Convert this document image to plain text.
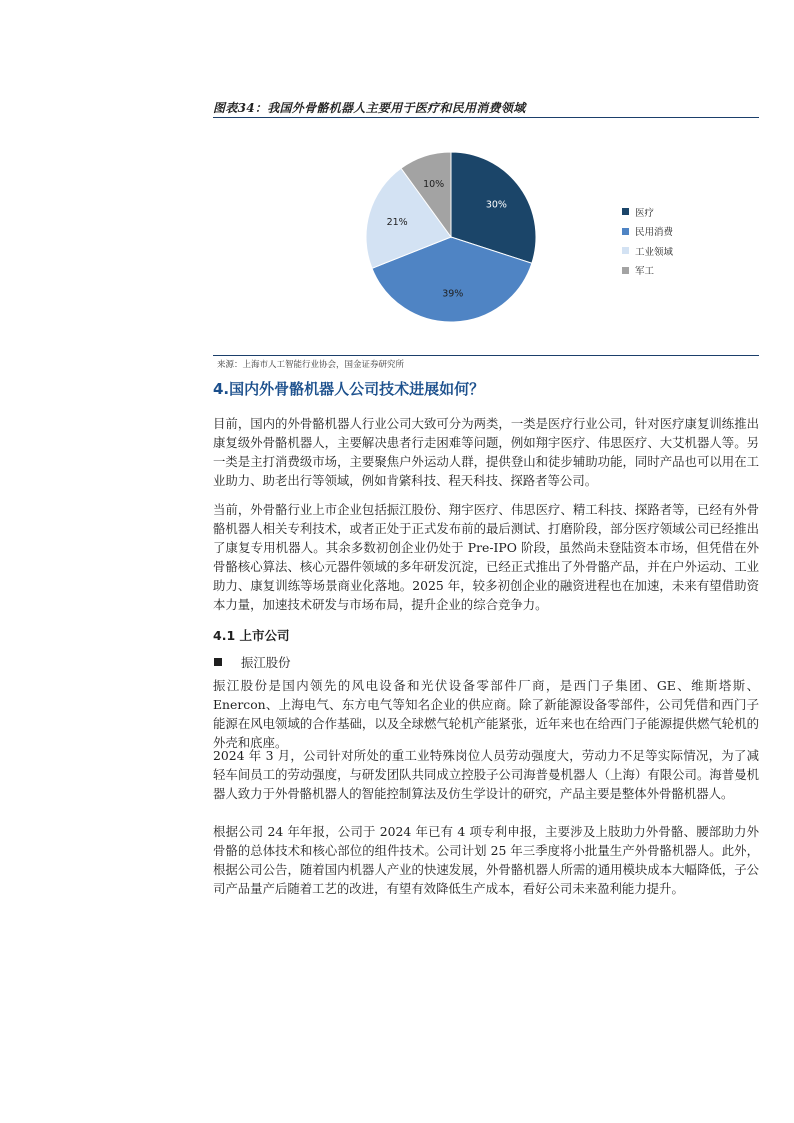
图表34：我国外骨骼机器人主要用于医疗和民用消费领域
30%
39%
21%
10%
医疗
民用消费
工业领域
军工
来源：上海市人工智能行业协会，国金证券研究所
4.国内外骨骼机器人公司技术进展如何？

目前，国内的外骨骼机器人行业公司大致可分为两类，一类是医疗行业公司，针对医疗康复训练推出康复级外骨骼机器人，主要解决患者行走困难等问题，例如翔宇医疗、伟思医疗、大艾机器人等。另一类是主打消费级市场，主要聚焦户外运动人群，提供登山和徒步辅助功能，同时产品也可以用在工业助力、助老出行等领域，例如肯綮科技、程天科技、探路者等公司。

当前，外骨骼行业上市企业包括振江股份、翔宇医疗、伟思医疗、精工科技、探路者等，已经有外骨骼机器人相关专利技术，或者正处于正式发布前的最后测试、打磨阶段，部分医疗领域公司已经推出了康复专用机器人。其余多数初创企业仍处于 Pre-IPO 阶段，虽然尚未登陆资本市场，但凭借在外骨骼核心算法、核心元器件领域的多年研发沉淀，已经正式推出了外骨骼产品，并在户外运动、工业助力、康复训练等场景商业化落地。2025 年，较多初创企业的融资进程也在加速，未来有望借助资本力量，加速技术研发与市场布局，提升企业的综合竞争力。

4.1 上市公司
振江股份

振江股份是国内领先的风电设备和光伏设备零部件厂商，是西门子集团、GE、维斯塔斯、Enercon、上海电气、东方电气等知名企业的供应商。除了新能源设备零部件，公司凭借和西门子能源在风电领域的合作基础，以及全球燃气轮机产能紧张，近年来也在给西门子能源提供燃气轮机的外壳和底座。

2024 年 3 月，公司针对所处的重工业特殊岗位人员劳动强度大，劳动力不足等实际情况，为了减轻车间员工的劳动强度，与研发团队共同成立控股子公司海普曼机器人（上海）有限公司。海普曼机器人致力于外骨骼机器人的智能控制算法及仿生学设计的研究，产品主要是整体外骨骼机器人。

根据公司 24 年年报，公司于 2024 年已有 4 项专利申报，主要涉及上肢助力外骨骼、腰部助力外骨骼的总体技术和核心部位的组件技术。公司计划 25 年三季度将小批量生产外骨骼机器人。此外，根据公司公告，随着国内机器人产业的快速发展，外骨骼机器人所需的通用模块成本大幅降低，子公司产品量产后随着工艺的改进，有望有效降低生产成本，看好公司未来盈利能力提升。
